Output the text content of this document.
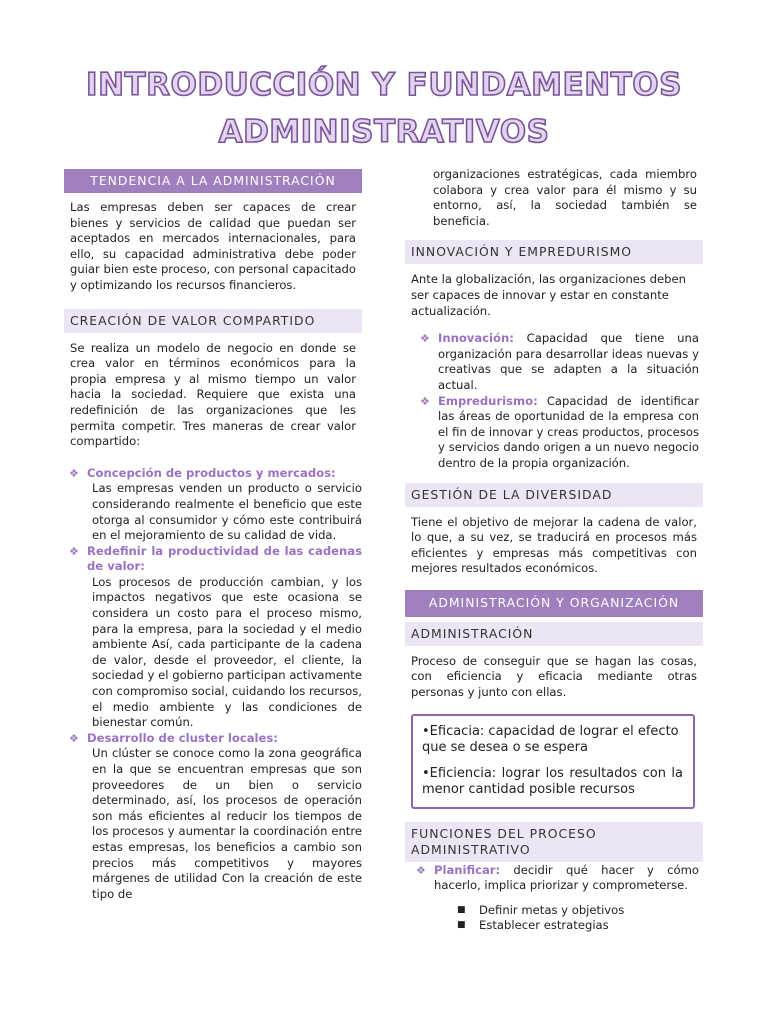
INTRODUCCIÓN Y FUNDAMENTOS
ADMINISTRATIVOS
TENDENCIA A LA ADMINISTRACIÓN

Las empresas deben ser capaces de crear bienes y servicios de calidad que puedan ser aceptados en mercados internacionales, para ello, su capacidad administrativa debe poder guiar bien este proceso, con personal capacitado y optimizando los recursos financieros.

CREACIÓN DE VALOR COMPARTIDO

Se realiza un modelo de negocio en donde se crea valor en términos económicos para la propia empresa y al mismo tiempo un valor hacia la sociedad. Requiere que exista una redefinición de las organizaciones que les permita competir. Tres maneras de crear valor compartido:

❖ Concepción de productos y mercados:
Las empresas venden un producto o servicio considerando realmente el beneficio que este otorga al consumidor y cómo este contribuirá en el mejoramiento de su calidad de vida.
❖ Redefinir la productividad de las cadenas de valor:
Los procesos de producción cambian, y los impactos negativos que este ocasiona se considera un costo para el proceso mismo, para la empresa, para la sociedad y el medio ambiente Así, cada participante de la cadena de valor, desde el proveedor, el cliente, la sociedad y el gobierno participan activamente con compromiso social, cuidando los recursos, el medio ambiente y las condiciones de bienestar común.
❖ Desarrollo de cluster locales:
Un clúster se conoce como la zona geográfica en la que se encuentran empresas que son proveedores de un bien o servicio determinado, así, los procesos de operación son más eficientes al reducir los tiempos de los procesos y aumentar la coordinación entre estas empresas, los beneficios a cambio son precios más competitivos y mayores márgenes de utilidad Con la creación de este tipo de

organizaciones estratégicas, cada miembro colabora y crea valor para él mismo y su entorno, así, la sociedad también se beneficia.

INNOVACIÓN Y EMPREDURISMO

Ante la globalización, las organizaciones deben ser capaces de innovar y estar en constante actualización.

❖ Innovación: Capacidad que tiene una organización para desarrollar ideas nuevas y creativas que se adapten a la situación actual.
❖ Empredurismo: Capacidad de identificar las áreas de oportunidad de la empresa con el fin de innovar y creas productos, procesos y servicios dando origen a un nuevo negocio dentro de la propia organización.
GESTIÓN DE LA DIVERSIDAD

Tiene el objetivo de mejorar la cadena de valor, lo que, a su vez, se traducirá en procesos más eficientes y empresas más competitivas con mejores resultados económicos.

ADMINISTRACIÓN Y ORGANIZACIÓN
ADMINISTRACIÓN

Proceso de conseguir que se hagan las cosas, con eficiencia y eficacia mediante otras personas y junto con ellas.

•Eficacia: capacidad de lograr el efecto que se desea o se espera
•Eficiencia: lograr los resultados con la menor cantidad posible recursos
FUNCIONES DEL PROCESO ADMINISTRATIVO
❖ Planificar: decidir qué hacer y cómo hacerlo, implica priorizar y comprometerse.
■ Definir metas y objetivos
■ Establecer estrategias
